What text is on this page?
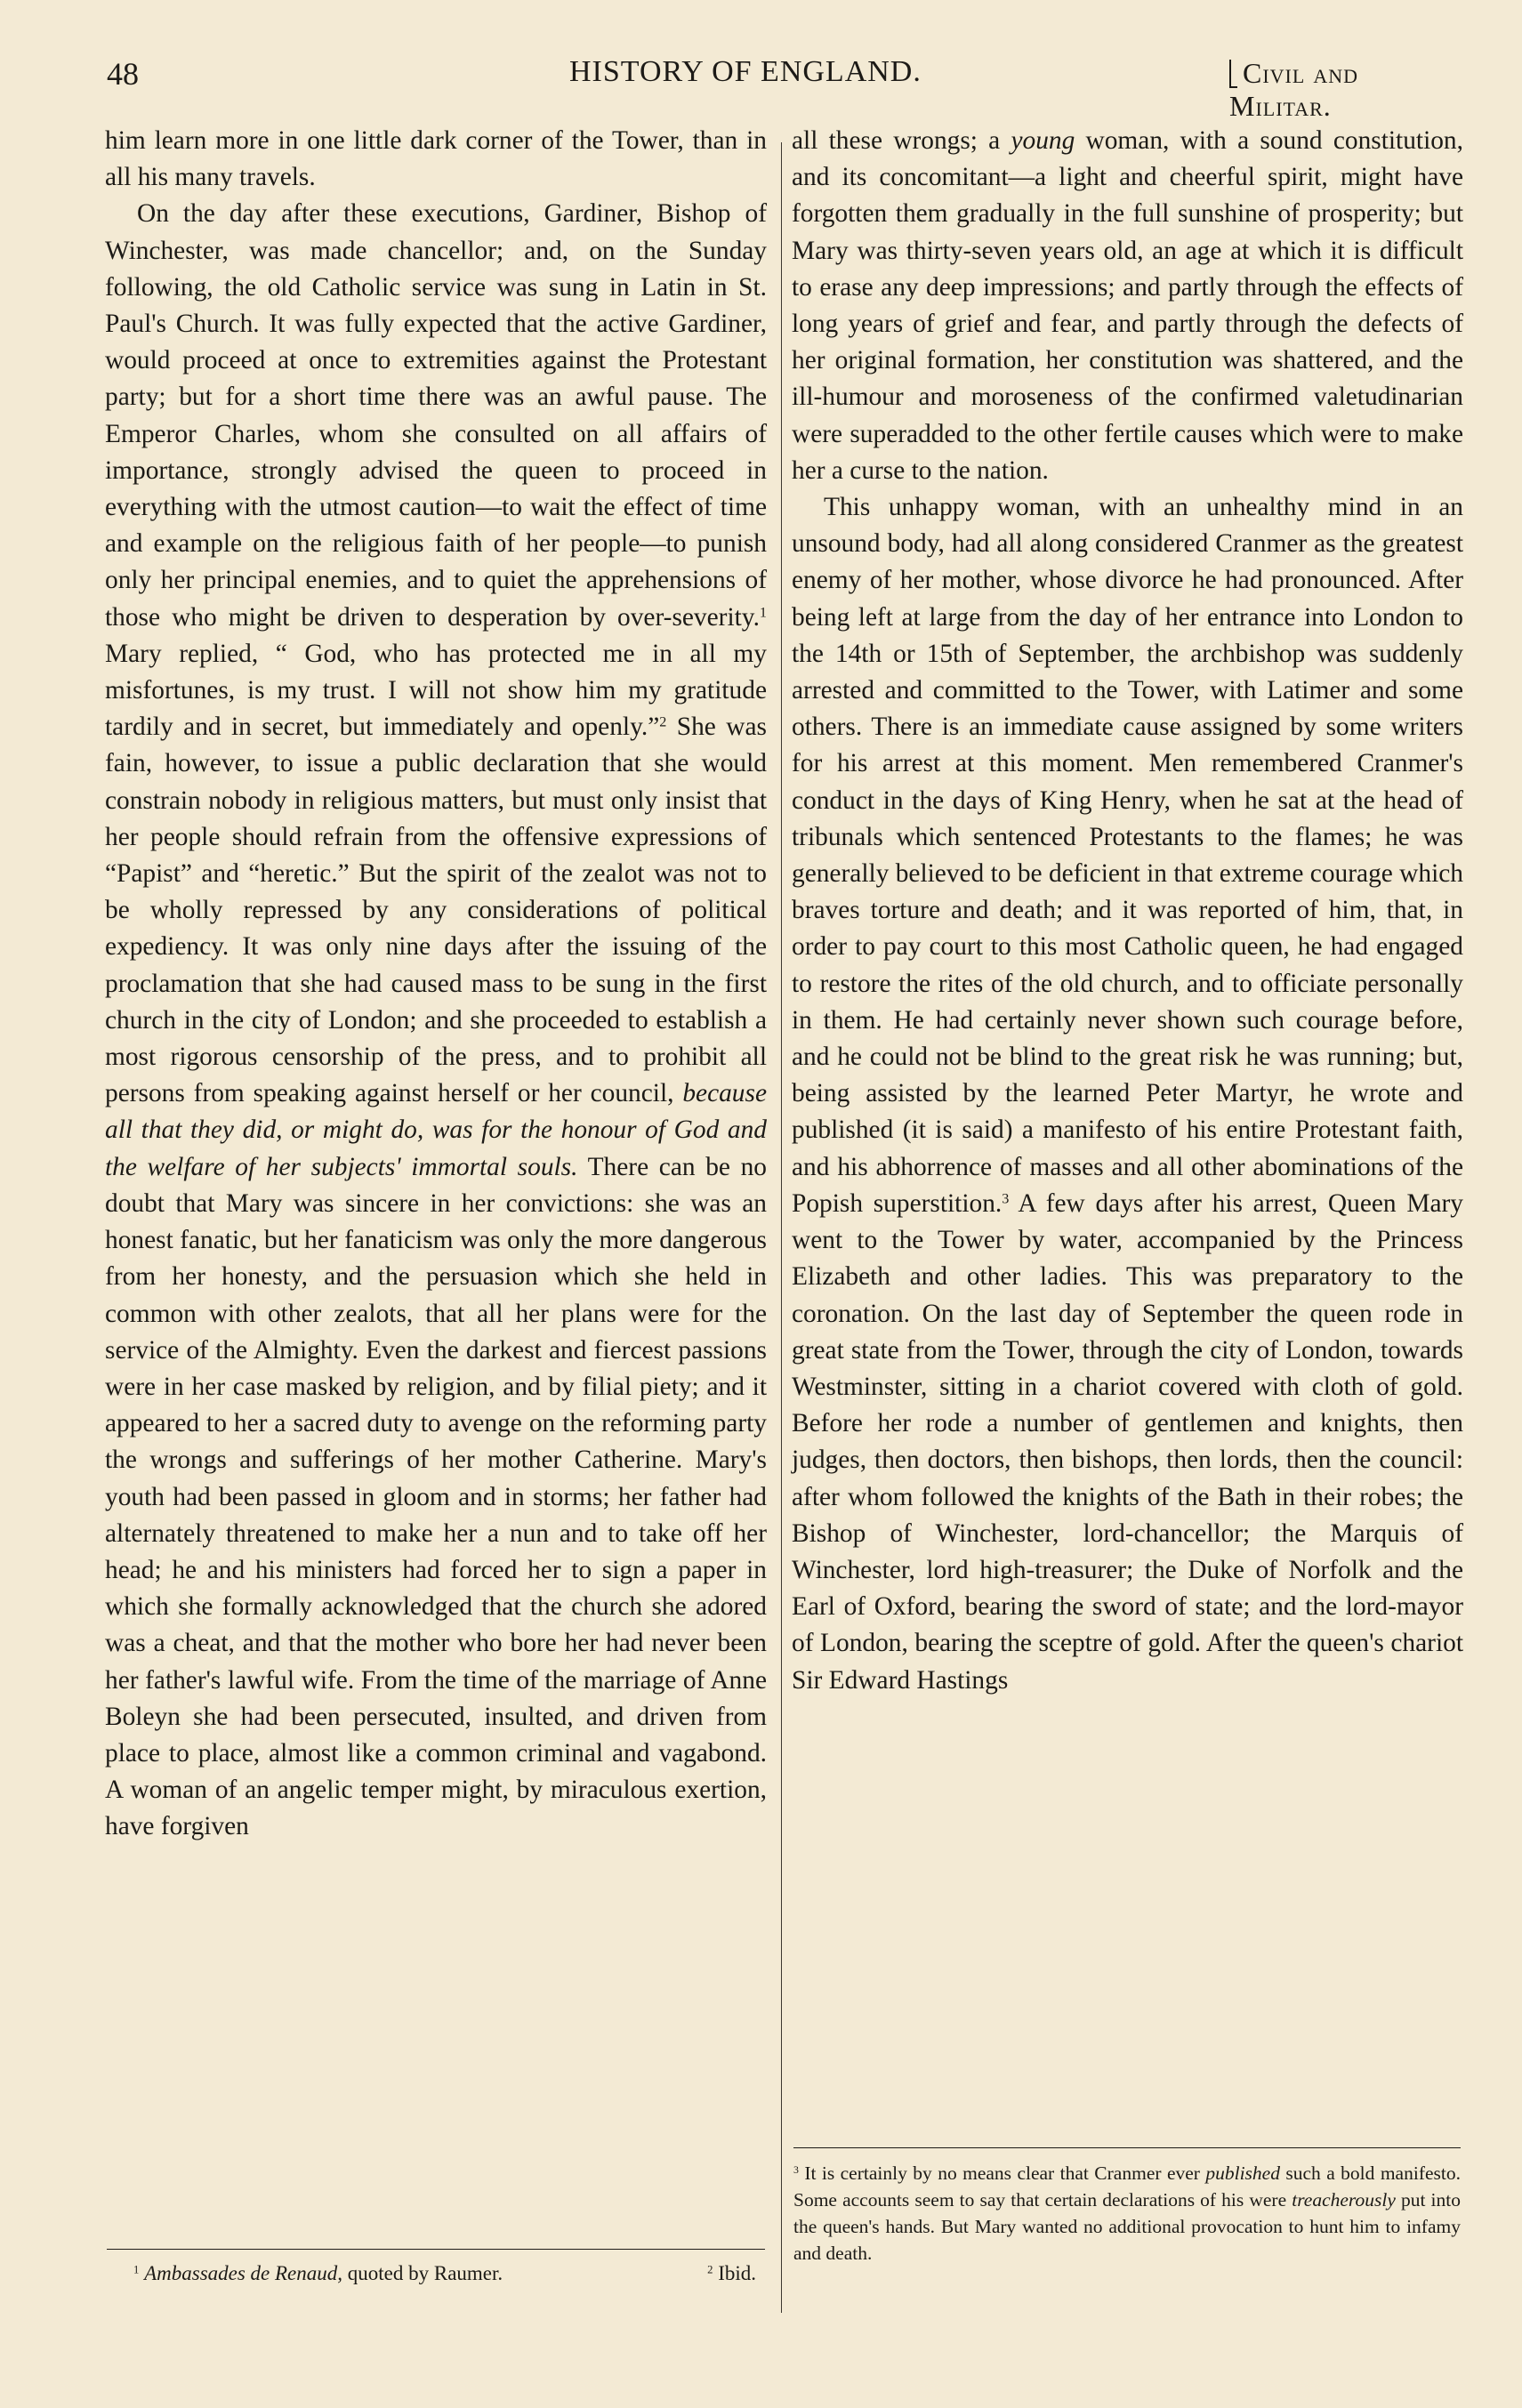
48	HISTORY OF ENGLAND.	Civil and Militar.

him learn more in one little dark corner of the Tower, than in all his many travels.

On the day after these executions, Gardiner, Bishop of Winchester, was made chancellor; and, on the Sunday following, the old Catholic service was sung in Latin in St. Paul's Church. It was fully expected that the active Gardiner, would proceed at once to extremities against the Protestant party; but for a short time there was an awful pause. The Emperor Charles, whom she consulted on all affairs of importance, strongly advised the queen to proceed in everything with the utmost caution—to wait the effect of time and example on the religious faith of her people—to punish only her principal enemies, and to quiet the apprehensions of those who might be driven to desperation by over-severity.$^1$ Mary replied, “ God, who has protected me in all my misfortunes, is my trust. I will not show him my gratitude tardily and in secret, but immediately and openly.”$^2$ She was fain, however, to issue a public declaration that she would constrain nobody in religious matters, but must only insist that her people should refrain from the offensive expressions of “Papist” and “heretic.” But the spirit of the zealot was not to be wholly repressed by any considerations of political expediency. It was only nine days after the issuing of the proclamation that she had caused mass to be sung in the first church in the city of London; and she proceeded to establish a most rigorous censorship of the press, and to prohibit all persons from speaking against herself or her council, because all that they did, or might do, was for the honour of God and the welfare of her subjects' immortal souls. There can be no doubt that Mary was sincere in her convictions: she was an honest fanatic, but her fanaticism was only the more dangerous from her honesty, and the persuasion which she held in common with other zealots, that all her plans were for the service of the Almighty. Even the darkest and fiercest passions were in her case masked by religion, and by filial piety; and it appeared to her a sacred duty to avenge on the reforming party the wrongs and sufferings of her mother Catherine. Mary's youth had been passed in gloom and in storms; her father had alternately threatened to make her a nun and to take off her head; he and his ministers had forced her to sign a paper in which she formally acknowledged that the church she adored was a cheat, and that the mother who bore her had never been her father's lawful wife. From the time of the marriage of Anne Boleyn she had been persecuted, insulted, and driven from place to place, almost like a common criminal and vagabond. A woman of an angelic temper might, by miraculous exertion, have forgiven

all these wrongs; a young woman, with a sound constitution, and its concomitant—a light and cheerful spirit, might have forgotten them gradually in the full sunshine of prosperity; but Mary was thirty-seven years old, an age at which it is difficult to erase any deep impressions; and partly through the effects of long years of grief and fear, and partly through the defects of her original formation, her constitution was shattered, and the ill-humour and moroseness of the confirmed valetudinarian were superadded to the other fertile causes which were to make her a curse to the nation.

This unhappy woman, with an unhealthy mind in an unsound body, had all along considered Cranmer as the greatest enemy of her mother, whose divorce he had pronounced. After being left at large from the day of her entrance into London to the 14th or 15th of September, the archbishop was suddenly arrested and committed to the Tower, with Latimer and some others. There is an immediate cause assigned by some writers for his arrest at this moment. Men remembered Cranmer's conduct in the days of King Henry, when he sat at the head of tribunals which sentenced Protestants to the flames; he was generally believed to be deficient in that extreme courage which braves torture and death; and it was reported of him, that, in order to pay court to this most Catholic queen, he had engaged to restore the rites of the old church, and to officiate personally in them. He had certainly never shown such courage before, and he could not be blind to the great risk he was running; but, being assisted by the learned Peter Martyr, he wrote and published (it is said) a manifesto of his entire Protestant faith, and his abhorrence of masses and all other abominations of the Popish superstition.$^3$ A few days after his arrest, Queen Mary went to the Tower by water, accompanied by the Princess Elizabeth and other ladies. This was preparatory to the coronation. On the last day of September the queen rode in great state from the Tower, through the city of London, towards Westminster, sitting in a chariot covered with cloth of gold. Before her rode a number of gentlemen and knights, then judges, then doctors, then bishops, then lords, then the council: after whom followed the knights of the Bath in their robes; the Bishop of Winchester, lord-chancellor; the Marquis of Winchester, lord high-treasurer; the Duke of Norfolk and the Earl of Oxford, bearing the sword of state; and the lord-mayor of London, bearing the sceptre of gold. After the queen's chariot Sir Edward Hastings

$^1$ Ambassades de Renaud, quoted by Raumer.	$^2$ Ibid.
$^3$ It is certainly by no means clear that Cranmer ever published such a bold manifesto. Some accounts seem to say that certain declarations of his were treacherously put into the queen's hands. But Mary wanted no additional provocation to hunt him to infamy and death.
